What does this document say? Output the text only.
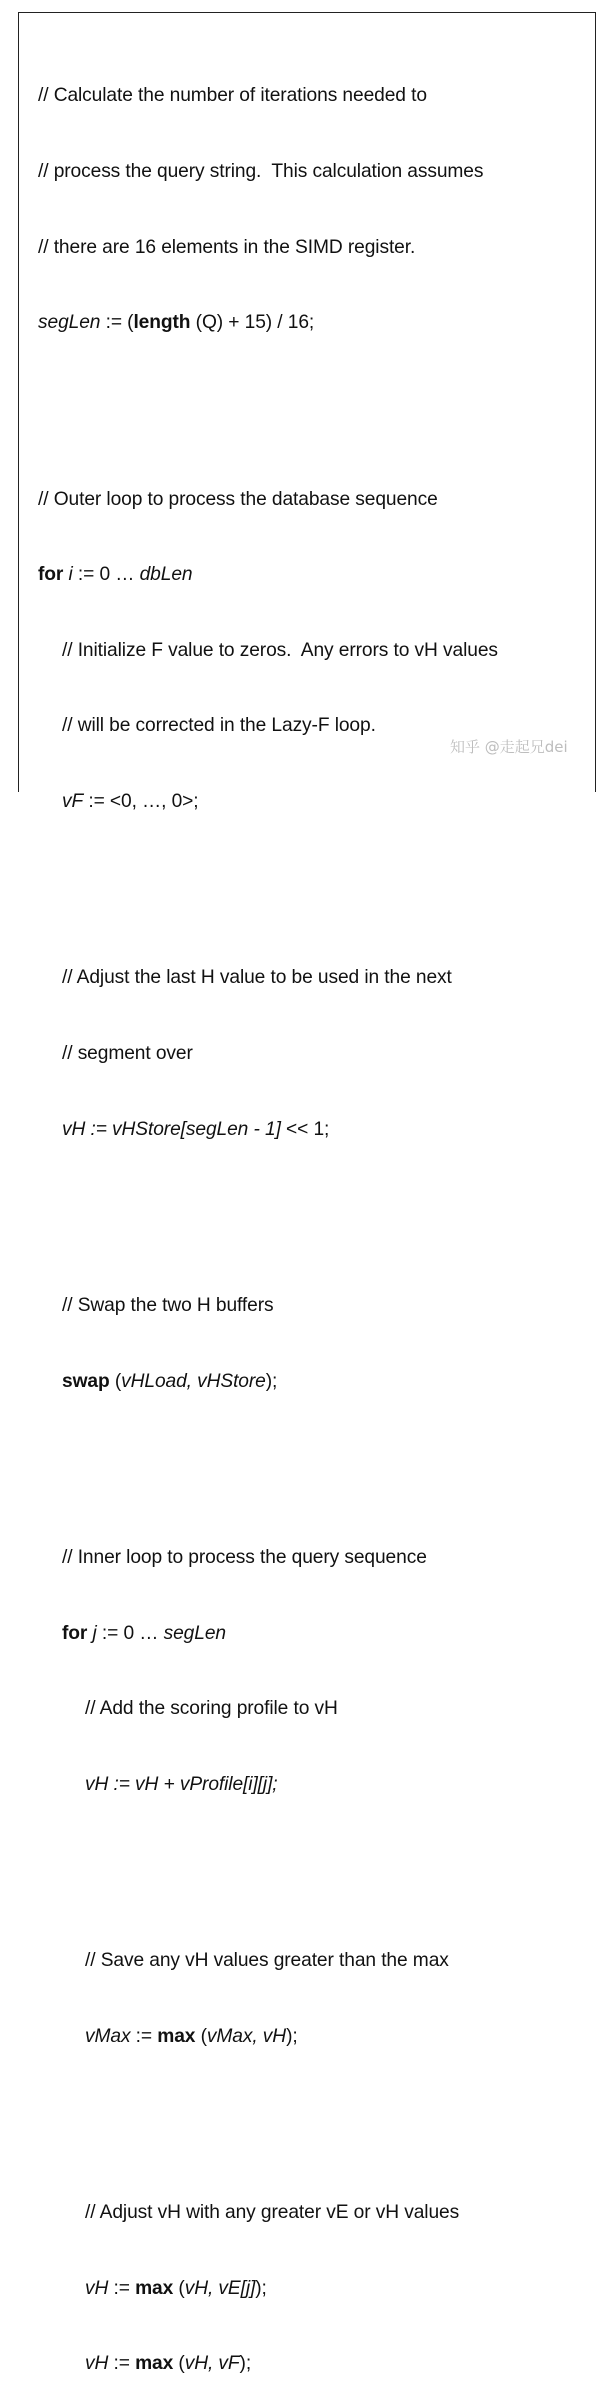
// Calculate the number of iterations needed to

// process the query string.  This calculation assumes

// there are 16 elements in the SIMD register.

segLen := (length (Q) + 15) / 16;

// Outer loop to process the database sequence

for i := 0 … dbLen

// Initialize F value to zeros.  Any errors to vH values

// will be corrected in the Lazy-F loop.

vF := <0, …, 0>;

// Adjust the last H value to be used in the next

// segment over

vH := vHStore[segLen - 1] << 1;

// Swap the two H buffers

swap (vHLoad, vHStore);

// Inner loop to process the query sequence

for j := 0 … segLen

// Add the scoring profile to vH

vH := vH + vProfile[i][j];

// Save any vH values greater than the max

vMax := max (vMax, vH);

// Adjust vH with any greater vE or vH values

vH := max (vH, vE[j]);

vH := max (vH, vF);

知乎 @走起兄dei
